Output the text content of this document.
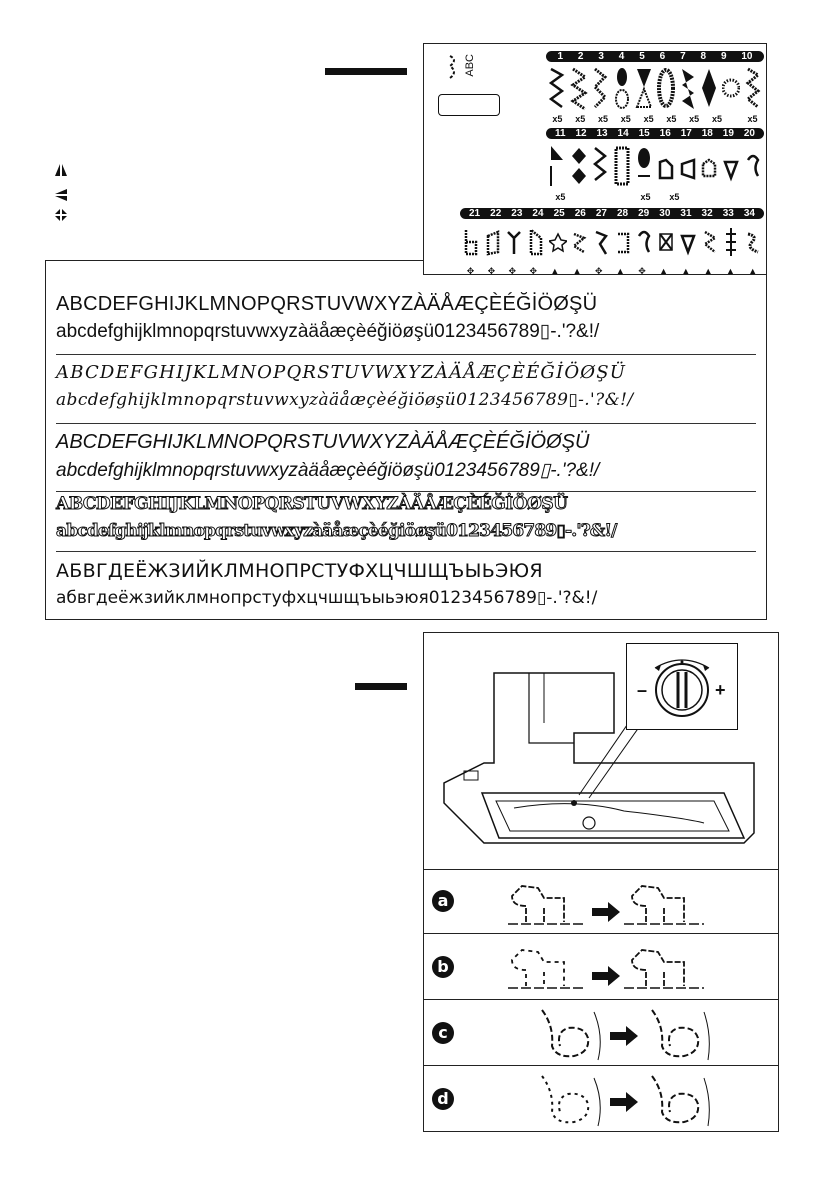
ABC	1 2 3 4 5 6 7 8 9 10
x5 x5 x5 x5 x5 x5 x5 x5	x5
11 12 13 14 15 16 17 18 19 20
x5	x5 x5
21 22 23 24 25 26 27 28 29 30 31 32 33 34
✥ ✥ ✥ ✥ ▲ ▲ ✥ ▲ ✥ ▲ ▲ ▲ ▲ ▲
ABCDEFGHIJKLMNOPQRSTUVWXYZÀÄÅÆÇÈÉĞİÖØŞÜ
abcdefghijklmnopqrstuvwxyzàäåæçèéğiöøşü0123456789▯-.'?&!/
ABCDEFGHIJKLMNOPQRSTUVWXYZÀÄÅÆÇÈÉĞİÖØŞÜ
abcdefghijklmnopqrstuvwxyzàäåæçèéğiöøşü0123456789▯-.'?&!/
ABCDEFGHIJKLMNOPQRSTUVWXYZÀÄÅÆÇÈÉĞİÖØŞÜ
abcdefghijklmnopqrstuvwxyzàäåæçèéğiöøşü0123456789▯-.'?&!/
ABCDEFGHIJKLMNOPQRSTUVWXYZÀÄÅÆÇÈÉĞİÖØŞÜ
abcdefghijklmnopqrstuvwxyzàäåæçèéğiöøşü0123456789▯-.'?&!/
АБВГДЕЁЖЗИЙКЛМНОПРСТУФХЦЧШЩЪЫЬЭЮЯ
абвгдеёжзийклмнопрстуфхцчшщъыьэюя0123456789▯-.'?&!/
–	+
a
b
c
d
